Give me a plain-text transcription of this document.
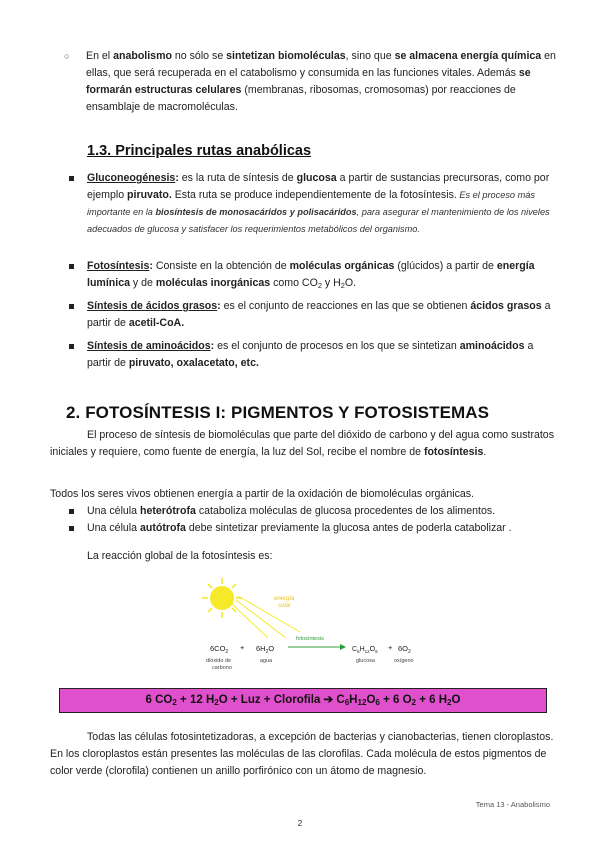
○	En el anabolismo no sólo se sintetizan biomoléculas, sino que se almacena energía química en ellas, que será recuperada en el catabolismo y consumida en las funciones vitales. Además se formarán estructuras celulares (membranas, ribosomas, cromosomas) por reacciones de ensamblaje de macromoléculas.
1.3. Principales rutas anabólicas
Gluconeogénesis: es la ruta de síntesis de glucosa a partir de sustancias precursoras, como por ejemplo piruvato. Esta ruta se produce independientemente de la fotosíntesis. Es el proceso más importante en la biosíntesis de monosacáridos y polisacáridos, para asegurar el mantenimiento de los niveles adecuados de glucosa y satisfacer los requerimientos metabólicos del organismo.
Fotosíntesis: Consiste en la obtención de moléculas orgánicas (glúcidos) a partir de energía lumínica y de moléculas inorgánicas como $CO_2$ y $H_2O$.
Síntesis de ácidos grasos: es el conjunto de reacciones en las que se obtienen ácidos grasos a partir de acetil-CoA.
Síntesis de aminoácidos: es el conjunto de procesos en los que se sintetizan aminoácidos a partir de piruvato, oxalacetato, etc.
2. FOTOSÍNTESIS I: PIGMENTOS Y FOTOSISTEMAS
El proceso de síntesis de biomoléculas que parte del dióxido de carbono y del agua como sustratos iniciales y requiere, como fuente de energía, la luz del Sol, recibe el nombre de fotosíntesis.
Todos los seres vivos obtienen energía a partir de la oxidación de biomoléculas orgánicas.
Una célula heterótrofa cataboliza moléculas de glucosa procedentes de los alimentos.
Una célula autótrofa debe sintetizar previamente la glucosa antes de poderla catabolizar .
La reacción global de la fotosíntesis es:
energía
solar
$6CO_2 + 6H_2O$
fotosíntesis
$C_6H_{12}O_6 + 6O_2$
dióxido de
carbono
agua	glucosa	oxígeno
6 $CO_2 + 12$ $H_2O$ + Luz + Clorofila ➔ $C_6H_{12}O_6 + 6$ $O_2 + 6$ $H_2O$
Todas las células fotosintetizadoras, a excepción de bacterias y cianobacterias, tienen cloroplastos. En los cloroplastos están presentes las moléculas de las clorofilas. Cada molécula de estos pigmentos de color verde (clorofila) contienen un anillo porfirónico con un átomo de magnesio.
Tema 13 - Anabolismo
2
